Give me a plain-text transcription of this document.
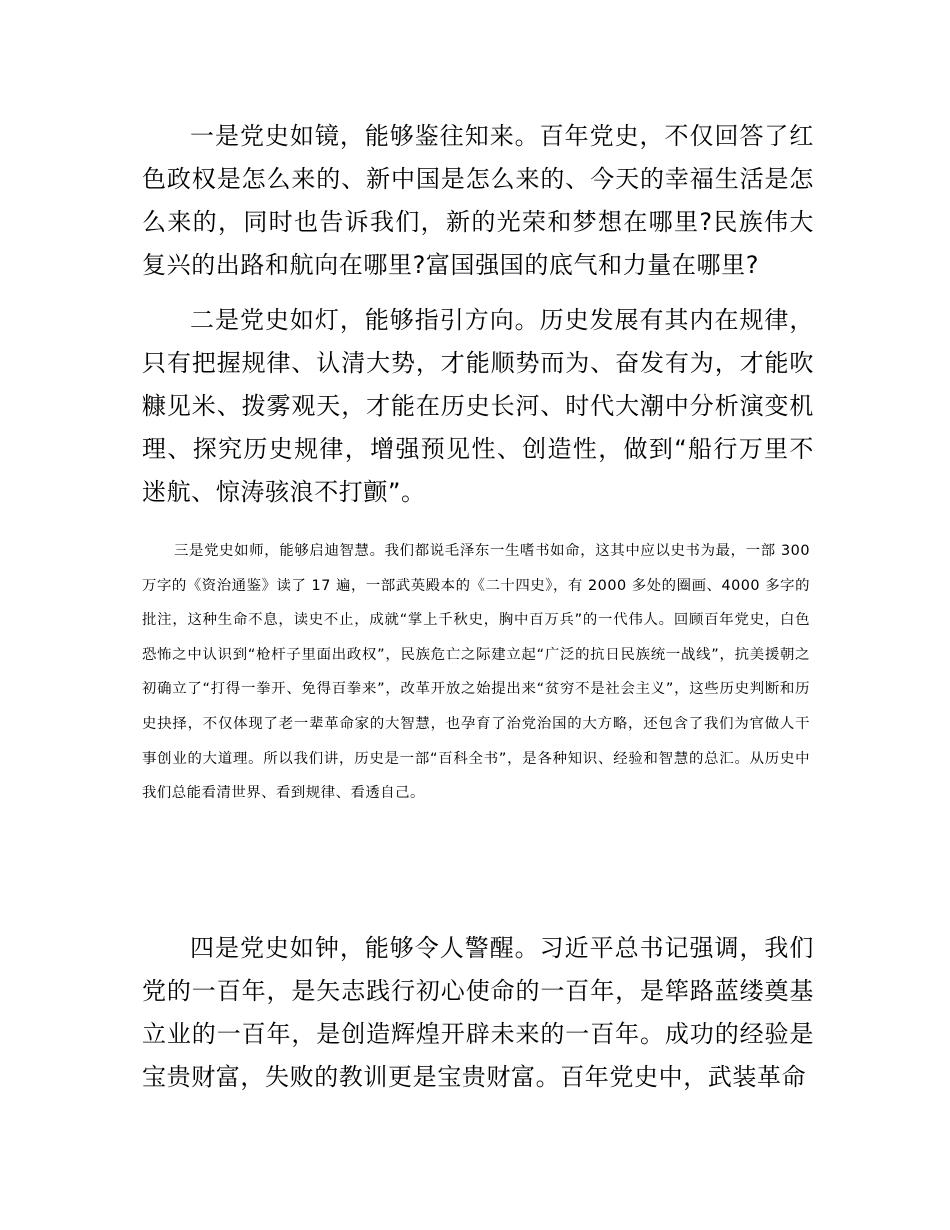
一是党史如镜，能够鉴往知来。百年党史，不仅回答了红色政权是怎么来的、新中国是怎么来的、今天的幸福生活是怎么来的，同时也告诉我们，新的光荣和梦想在哪里?民族伟大复兴的出路和航向在哪里?富国强国的底气和力量在哪里?

二是党史如灯，能够指引方向。历史发展有其内在规律，只有把握规律、认清大势，才能顺势而为、奋发有为，才能吹糠见米、拨雾观天，才能在历史长河、时代大潮中分析演变机理、探究历史规律，增强预见性、创造性，做到“船行万里不迷航、惊涛骇浪不打颤”。

三是党史如师，能够启迪智慧。我们都说毛泽东一生嗜书如命，这其中应以史书为最，一部 300 万字的《资治通鉴》读了 17 遍，一部武英殿本的《二十四史》，有 2000 多处的圈画、4000 多字的批注，这种生命不息，读史不止，成就“掌上千秋史，胸中百万兵”的一代伟人。回顾百年党史，白色恐怖之中认识到“枪杆子里面出政权”，民族危亡之际建立起“广泛的抗日民族统一战线”，抗美援朝之初确立了“打得一拳开、免得百拳来”，改革开放之始提出来“贫穷不是社会主义”，这些历史判断和历史抉择，不仅体现了老一辈革命家的大智慧，也孕育了治党治国的大方略，还包含了我们为官做人干事创业的大道理。所以我们讲，历史是一部“百科全书”，是各种知识、经验和智慧的总汇。从历史中我们总能看清世界、看到规律、看透自己。

四是党史如钟，能够令人警醒。习近平总书记强调，我们党的一百年，是矢志践行初心使命的一百年，是筚路蓝缕奠基立业的一百年，是创造辉煌开辟未来的一百年。成功的经验是宝贵财富，失败的教训更是宝贵财富。百年党史中，武装革命
